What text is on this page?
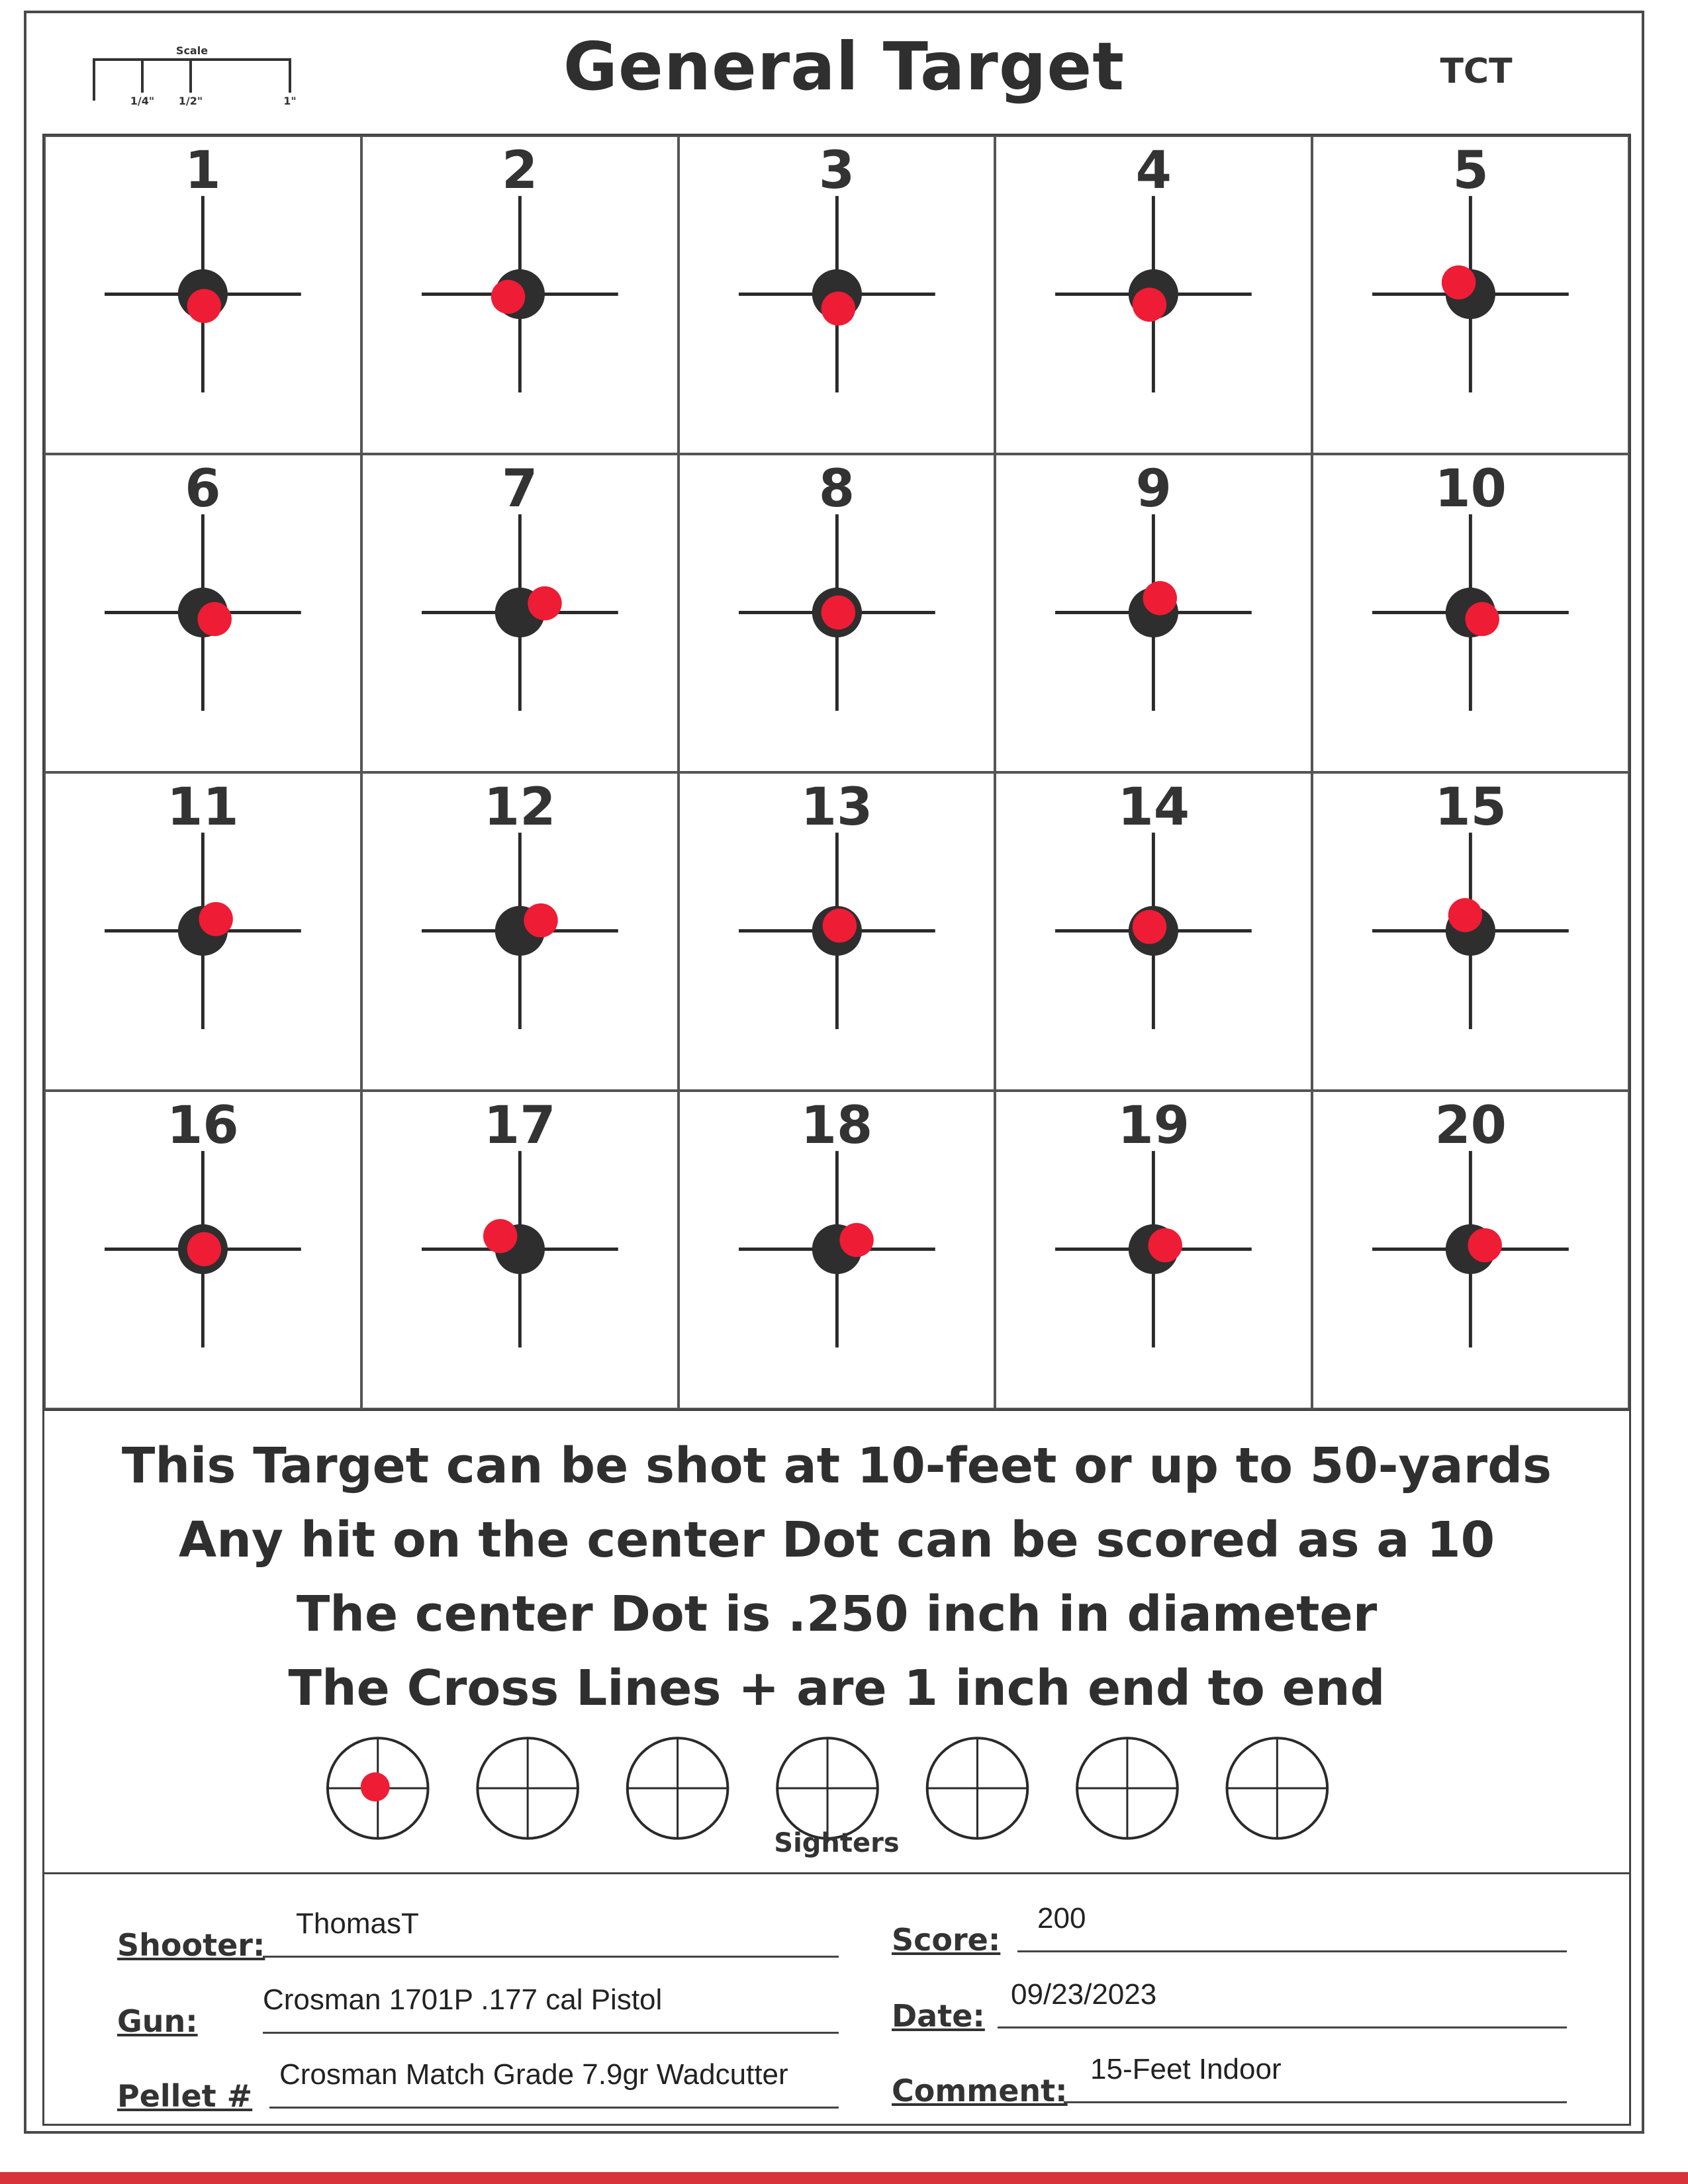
Scale
1/4" 1/2"	1"	General Target	TCT
1	2	3	4	5
6	7	8	9	10
11	12	13	14	15
16	17	18	19	20
This Target can be shot at 10-feet or up to 50-yards
Any hit on the center Dot can be scored as a 10
The center Dot is .250 inch in diameter
The Cross Lines + are 1 inch end to end
Sighters
Shooter:
ThomasT
Gun:
Crosman 1701P .177 cal Pistol
Pellet #
Crosman Match Grade 7.9gr Wadcutter
Score:
200
Date:
09/23/2023
Comment:
15-Feet Indoor
